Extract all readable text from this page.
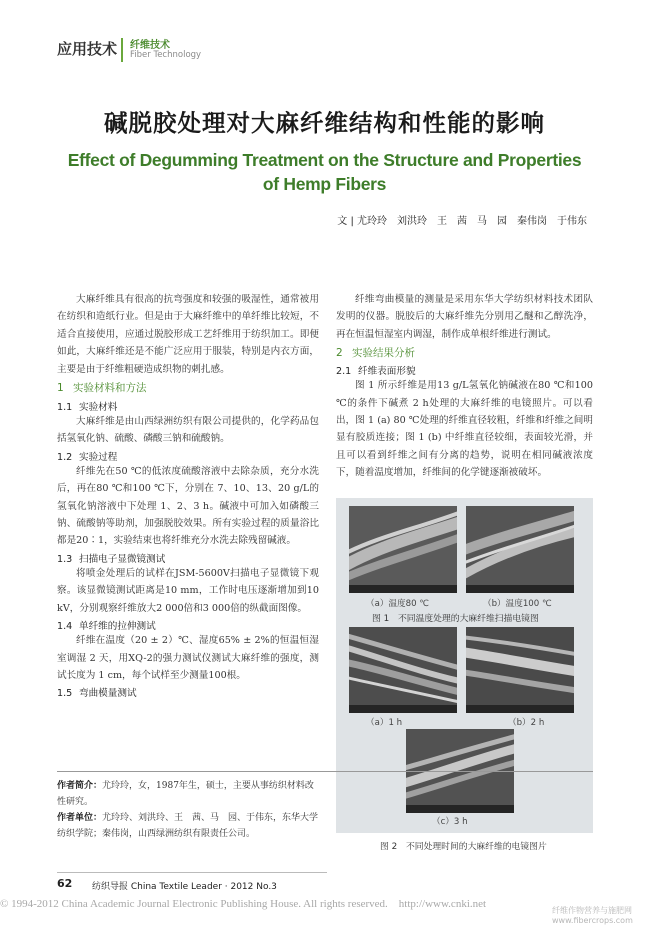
应用技术 纤维技术
Fiber Technology
碱脱胶处理对大麻纤维结构和性能的影响
Effect of Degumming Treatment on the Structure and Properties
of Hemp Fibers
文 | 尤玲玲　刘洪玲　王　茜　马　园　秦伟岗　于伟东
大麻纤维具有很高的抗弯强度和较强的吸湿性，通常被用在纺织和造纸行业。但是由于大麻纤维中的单纤维比较短，不适合直接使用，应通过脱胶形成工艺纤维用于纺织加工。即便如此，大麻纤维还是不能广泛应用于服装，特别是内衣方面，主要是由于纤维粗硬造成织物的刺扎感。
1 实验材料和方法
1.1 实验材料
大麻纤维是由山西绿洲纺织有限公司提供的，化学药品包括氢氧化钠、硫酸、磷酸三钠和硫酸钠。
1.2 实验过程
纤维先在50 ℃的低浓度硫酸溶液中去除杂质，充分水洗后，再在80 ℃和100 ℃下，分别在 7、10、13、20 g/L的氢氧化钠溶液中下处理 1、2、3 h。碱液中可加入如磷酸三钠、硫酸钠等助剂，加强脱胶效果。所有实验过程的质量浴比都是20∶1，实验结束也将纤维充分水洗去除残留碱液。
1.3 扫描电子显微镜测试
将喷金处理后的试样在JSM-5600V扫描电子显微镜下观察。该显微镜测试距离是10 mm，工作时电压逐渐增加到10 kV，分别观察纤维放大2 000倍和3 000倍的纵截面图像。
1.4 单纤维的拉伸测试
纤维在温度（20 ± 2）℃、湿度65% ± 2%的恒温恒湿室调湿 2 天，用XQ-2的强力测试仪测试大麻纤维的强度，测试长度为 1 cm，每个试样至少测量100根。
1.5 弯曲模量测试
纤维弯曲模量的测量是采用东华大学纺织材料技术团队发明的仪器。脱胶后的大麻纤维先分别用乙醚和乙醇洗净，再在恒温恒湿室内调湿，制作成单根纤维进行测试。
2 实验结果分析
2.1 纤维表面形貌
图 1 所示纤维是用13 g/L氢氧化钠碱液在80 ℃和100 ℃的条件下碱煮 2 h处理的大麻纤维的电镜照片。可以看出，图 1 (a) 80 ℃处理的纤维直径较粗，纤维和纤维之间明显有胶质连接；图 1 (b) 中纤维直径较细，表面较光滑，并且可以看到纤维之间有分离的趋势，说明在相同碱液浓度下，随着温度增加，纤维间的化学键逐渐被破坏。
（a）温度80 ℃	（b）温度100 ℃
图 1　不同温度处理的大麻纤维扫描电镜图
（a）1 h	（b）2 h
（c）3 h
图 2　不同处理时间的大麻纤维的电镜图片
作者简介：尤玲玲，女，1987年生，硕士，主要从事纺织材料改性研究。
作者单位：尤玲玲、刘洪玲、王　茜、马　园、于伟东，东华大学纺织学院；秦伟岗，山西绿洲纺织有限责任公司。
62 纺织导报 China Textile Leader · 2012 No.3
© 1994-2012 China Academic Journal Electronic Publishing House. All rights reserved.　http://www.cnki.net
纤维作物营养与施肥网 www.fibercrops.com
